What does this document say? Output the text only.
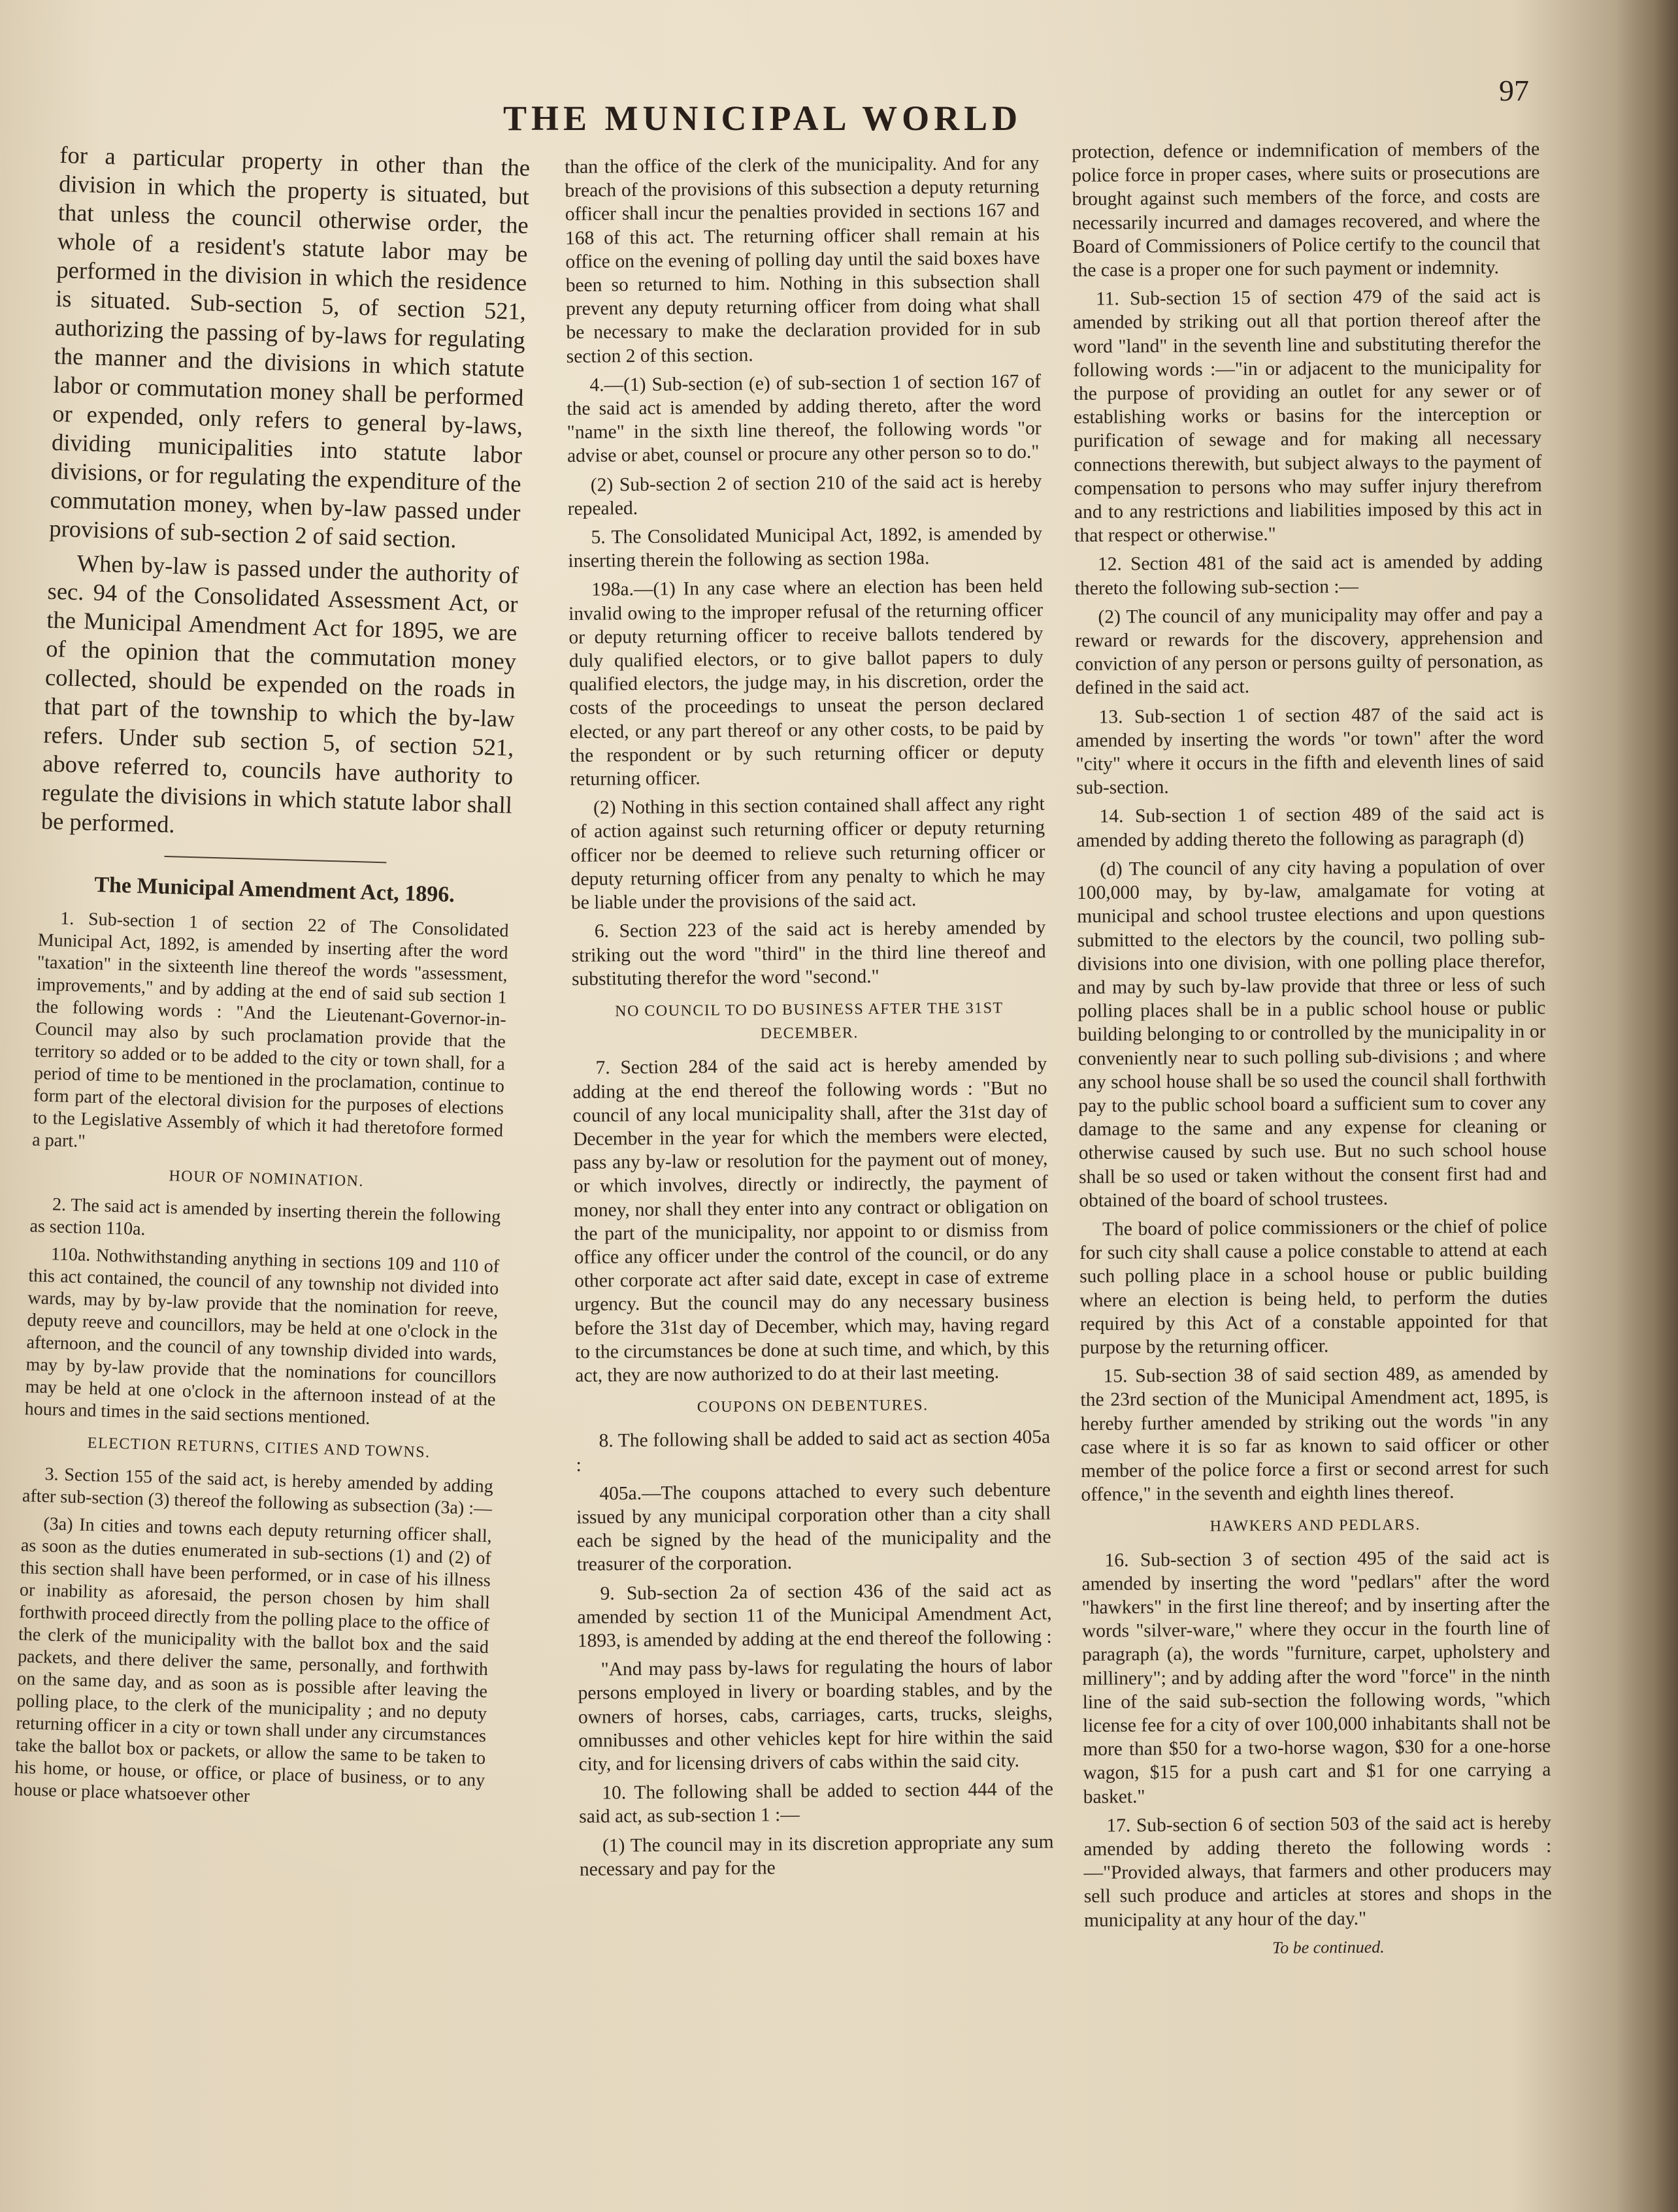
THE MUNICIPAL WORLD
97

for a particular property in other than the division in which the property is situated, but that unless the council otherwise order, the whole of a resident's statute labor may be performed in the division in which the residence is situated. Sub-section 5, of section 521, authorizing the passing of by-laws for regulating the manner and the divisions in which statute labor or commutation money shall be performed or expended, only refers to general by-laws, dividing municipalities into statute labor divisions, or for regulating the expenditure of the commutation money, when by-law passed under provisions of sub-section 2 of said section.

When by-law is passed under the authority of sec. 94 of the Consolidated Assessment Act, or the Municipal Amendment Act for 1895, we are of the opinion that the commutation money collected, should be expended on the roads in that part of the township to which the by-law refers. Under sub section 5, of section 521, above referred to, councils have authority to regulate the divisions in which statute labor shall be performed.

The Municipal Amendment Act, 1896.

1. Sub-section 1 of section 22 of The Consolidated Municipal Act, 1892, is amended by inserting after the word "taxation" in the sixteenth line thereof the words "assessment, improvements," and by adding at the end of said sub section 1 the following words : "And the Lieutenant-Governor-in-Council may also by such proclamation provide that the territory so added or to be added to the city or town shall, for a period of time to be mentioned in the proclamation, continue to form part of the electoral division for the purposes of elections to the Legislative Assembly of which it had theretofore formed a part."

HOUR OF NOMINATION.

2. The said act is amended by inserting therein the following as section 110a.

110a. Nothwithstanding anything in sections 109 and 110 of this act contained, the council of any township not divided into wards, may by by-law provide that the nomination for reeve, deputy reeve and councillors, may be held at one o'clock in the afternoon, and the council of any township divided into wards, may by by-law provide that the nominations for councillors may be held at one o'clock in the afternoon instead of at the hours and times in the said sections mentioned.

ELECTION RETURNS, CITIES AND TOWNS.

3. Section 155 of the said act, is hereby amended by adding after sub-section (3) thereof the following as subsection (3a) :—

(3a) In cities and towns each deputy returning officer shall, as soon as the duties enumerated in sub-sections (1) and (2) of this section shall have been performed, or in case of his illness or inability as aforesaid, the person chosen by him shall forthwith proceed directly from the polling place to the office of the clerk of the municipality with the ballot box and the said packets, and there deliver the same, personally, and forthwith on the same day, and as soon as is possible after leaving the polling place, to the clerk of the municipality ; and no deputy returning officer in a city or town shall under any circumstances take the ballot box or packets, or allow the same to be taken to his home, or house, or office, or place of business, or to any house or place whatsoever other

than the office of the clerk of the municipality. And for any breach of the provisions of this subsection a deputy returning officer shall incur the penalties provided in sections 167 and 168 of this act. The returning officer shall remain at his office on the evening of polling day until the said boxes have been so returned to him. Nothing in this subsection shall prevent any deputy returning officer from doing what shall be necessary to make the declaration provided for in sub section 2 of this section.

4.—(1) Sub-section (e) of sub-section 1 of section 167 of the said act is amended by adding thereto, after the word "name" in the sixth line thereof, the following words "or advise or abet, counsel or procure any other person so to do."

(2) Sub-section 2 of section 210 of the said act is hereby repealed.

5. The Consolidated Municipal Act, 1892, is amended by inserting therein the following as section 198a.

198a.—(1) In any case where an election has been held invalid owing to the improper refusal of the returning officer or deputy returning officer to receive ballots tendered by duly qualified electors, or to give ballot papers to duly qualified electors, the judge may, in his discretion, order the costs of the proceedings to unseat the person declared elected, or any part thereof or any other costs, to be paid by the respondent or by such returning officer or deputy returning officer.

(2) Nothing in this section contained shall affect any right of action against such returning officer or deputy returning officer nor be deemed to relieve such returning officer or deputy returning officer from any penalty to which he may be liable under the provisions of the said act.

6. Section 223 of the said act is hereby amended by striking out the word "third" in the third line thereof and substituting therefor the word "second."

NO COUNCIL TO DO BUSINESS AFTER THE 31ST DECEMBER.

7. Section 284 of the said act is hereby amended by adding at the end thereof the following words : "But no council of any local municipality shall, after the 31st day of December in the year for which the members were elected, pass any by-law or resolution for the payment out of money, or which involves, directly or indirectly, the payment of money, nor shall they enter into any contract or obligation on the part of the municipality, nor appoint to or dismiss from office any officer under the control of the council, or do any other corporate act after said date, except in case of extreme urgency. But the council may do any necessary business before the 31st day of December, which may, having regard to the circumstances be done at such time, and which, by this act, they are now authorized to do at their last meeting.

COUPONS ON DEBENTURES.

8. The following shall be added to said act as section 405a :

405a.—The coupons attached to every such debenture issued by any municipal corporation other than a city shall each be signed by the head of the municipality and the treasurer of the corporation.

9. Sub-section 2a of section 436 of the said act as amended by section 11 of the Municipal Amendment Act, 1893, is amended by adding at the end thereof the following :

"And may pass by-laws for regulating the hours of labor persons employed in livery or boarding stables, and by the owners of horses, cabs, carriages, carts, trucks, sleighs, omnibusses and other vehicles kept for hire within the said city, and for licensing drivers of cabs within the said city.

10. The following shall be added to section 444 of the said act, as sub-section 1 :—

(1) The council may in its discretion appropriate any sum necessary and pay for the

protection, defence or indemnification of members of the police force in proper cases, where suits or prosecutions are brought against such members of the force, and costs are necessarily incurred and damages recovered, and where the Board of Commissioners of Police certify to the council that the case is a proper one for such payment or indemnity.

11. Sub-section 15 of section 479 of the said act is amended by striking out all that portion thereof after the word "land" in the seventh line and substituting therefor the following words :—"in or adjacent to the municipality for the purpose of providing an outlet for any sewer or of establishing works or basins for the interception or purification of sewage and for making all necessary connections therewith, but subject always to the payment of compensation to persons who may suffer injury therefrom and to any restrictions and liabilities imposed by this act in that respect or otherwise."

12. Section 481 of the said act is amended by adding thereto the following sub-section :—

(2) The council of any municipality may offer and pay a reward or rewards for the discovery, apprehension and conviction of any person or persons guilty of personation, as defined in the said act.

13. Sub-section 1 of section 487 of the said act is amended by inserting the words "or town" after the word "city" where it occurs in the fifth and eleventh lines of said sub-section.

14. Sub-section 1 of section 489 of the said act is amended by adding thereto the following as paragraph (d)

(d) The council of any city having a population of over 100,000 may, by by-law, amalgamate for voting at municipal and school trustee elections and upon questions submitted to the electors by the council, two polling sub-divisions into one division, with one polling place therefor, and may by such by-law provide that three or less of such polling places shall be in a public school house or public building belonging to or controlled by the municipality in or conveniently near to such polling sub-divisions ; and where any school house shall be so used the council shall forthwith pay to the public school board a sufficient sum to cover any damage to the same and any expense for cleaning or otherwise caused by such use. But no such school house shall be so used or taken without the consent first had and obtained of the board of school trustees.

The board of police commissioners or the chief of police for such city shall cause a police constable to attend at each such polling place in a school house or public building where an election is being held, to perform the duties required by this Act of a constable appointed for that purpose by the returning officer.

15. Sub-section 38 of said section 489, as amended by the 23rd section of the Municipal Amendment act, 1895, is hereby further amended by striking out the words "in any case where it is so far as known to said officer or other member of the police force a first or second arrest for such offence," in the seventh and eighth lines thereof.

HAWKERS AND PEDLARS.

16. Sub-section 3 of section 495 of the said act is amended by inserting the word "pedlars" after the word "hawkers" in the first line thereof; and by inserting after the words "silver-ware," where they occur in the fourth line of paragraph (a), the words "furniture, carpet, upholstery and millinery"; and by adding after the word "force" in the ninth line of the said sub-section the following words, "which license fee for a city of over 100,000 inhabitants shall not be more than $50 for a two-horse wagon, $30 for a one-horse wagon, $15 for a push cart and $1 for one carrying a basket."

17. Sub-section 6 of section 503 of the said act is hereby amended by adding thereto the following words :—"Provided always, that farmers and other producers may sell such produce and articles at stores and shops in the municipality at any hour of the day."

To be continued.
